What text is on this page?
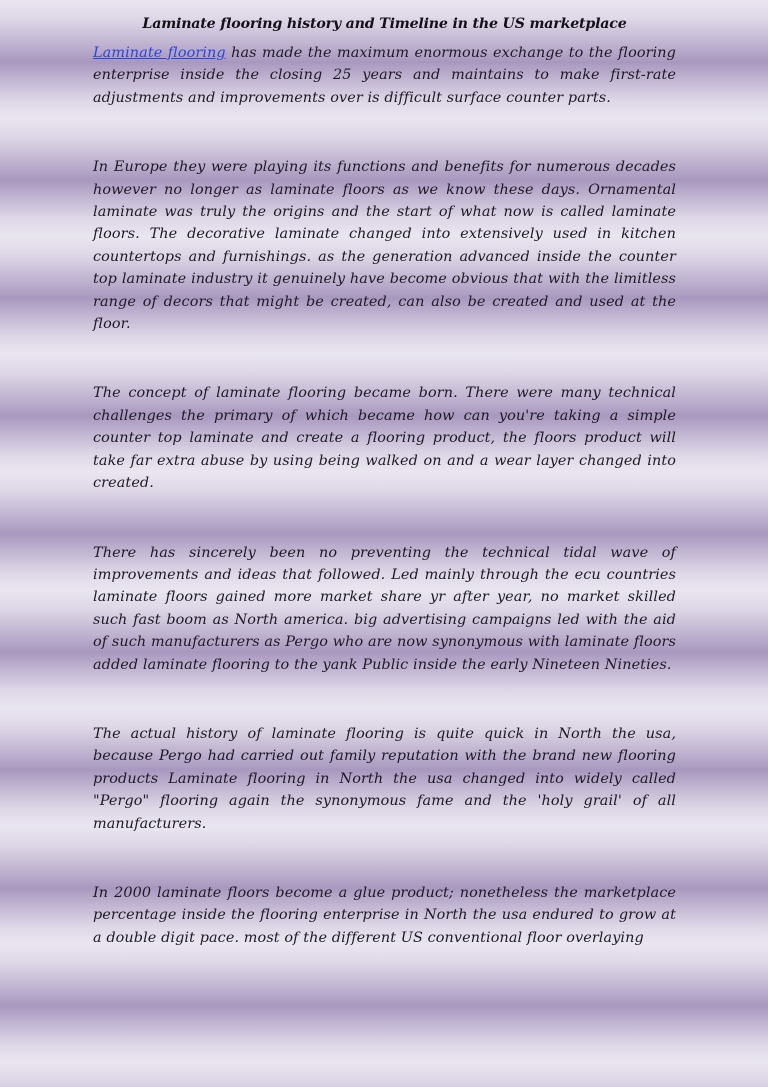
Laminate flooring history and Timeline in the US marketplace

Laminate flooring has made the maximum enormous exchange to the flooring enterprise inside the closing 25 years and maintains to make first-rate adjustments and improvements over is difficult surface counter parts.

In Europe they were playing its functions and benefits for numerous decades however no longer as laminate floors as we know these days. Ornamental laminate was truly the origins and the start of what now is called laminate floors. The decorative laminate changed into extensively used in kitchen countertops and furnishings. as the generation advanced inside the counter top laminate industry it genuinely have become obvious that with the limitless range of decors that might be created, can also be created and used at the floor.

The concept of laminate flooring became born. There were many technical challenges the primary of which became how can you're taking a simple counter top laminate and create a flooring product, the floors product will take far extra abuse by using being walked on and a wear layer changed into created.

There has sincerely been no preventing the technical tidal wave of improvements and ideas that followed. Led mainly through the ecu countries laminate floors gained more market share yr after year, no market skilled such fast boom as North america. big advertising campaigns led with the aid of such manufacturers as Pergo who are now synonymous with laminate floors added laminate flooring to the yank Public inside the early Nineteen Nineties.

The actual history of laminate flooring is quite quick in North the usa, because Pergo had carried out family reputation with the brand new flooring products Laminate flooring in North the usa changed into widely called "Pergo" flooring again the synonymous fame and the 'holy grail' of all manufacturers.

In 2000 laminate floors become a glue product; nonetheless the marketplace percentage inside the flooring enterprise in North the usa endured to grow at a double digit pace. most of the different US conventional floor overlaying
